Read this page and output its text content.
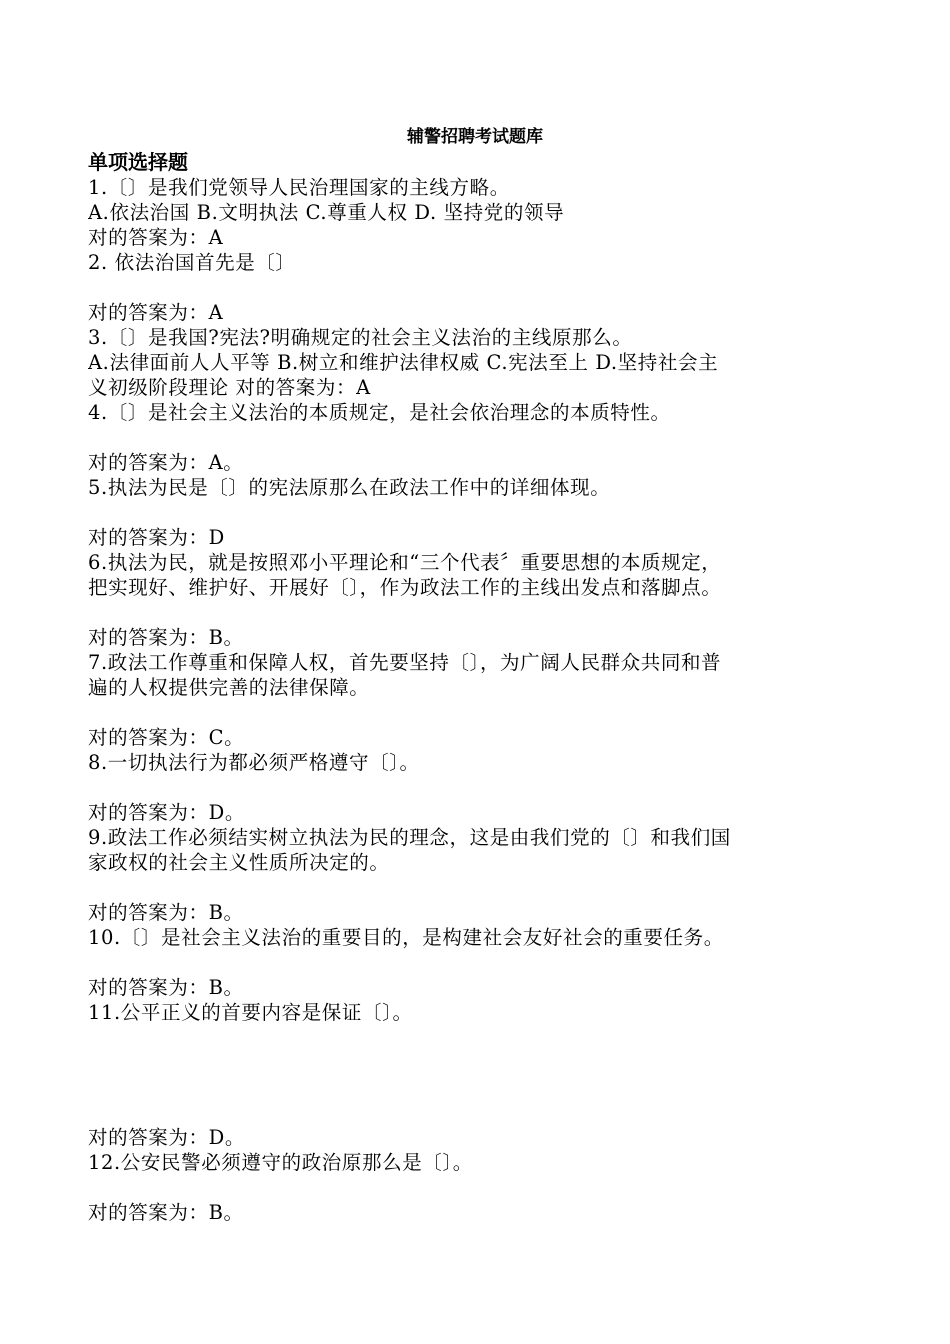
辅警招聘考试题库
单项选择题
1.〔〕是我们党领导人民治理国家的主线方略。
A.依法治国 B.文明执法 C.尊重人权 D. 坚持党的领导
对的答案为：A
2. 依法治国首先是〔〕
对的答案为：A
3.〔〕是我国?宪法?明确规定的社会主义法治的主线原那么。
A.法律面前人人平等 B.树立和维护法律权威 C.宪法至上 D.坚持社会主
义初级阶段理论 对的答案为：A
4.〔〕是社会主义法治的本质规定，是社会依治理念的本质特性。
对的答案为：A。
5.执法为民是〔〕的宪法原那么在政法工作中的详细体现。
对的答案为：D
6.执法为民，就是按照邓小平理论和“三个代表〞重要思想的本质规定，
把实现好、维护好、开展好〔〕，作为政法工作的主线出发点和落脚点。
对的答案为：B。
7.政法工作尊重和保障人权，首先要坚持〔〕，为广阔人民群众共同和普
遍的人权提供完善的法律保障。
对的答案为：C。
8.一切执法行为都必须严格遵守〔〕。
对的答案为：D。
9.政法工作必须结实树立执法为民的理念，这是由我们党的〔〕和我们国
家政权的社会主义性质所决定的。
对的答案为：B。
10.〔〕是社会主义法治的重要目的，是构建社会友好社会的重要任务。
对的答案为：B。
11.公平正义的首要内容是保证〔〕。
对的答案为：D。
12.公安民警必须遵守的政治原那么是〔〕。
对的答案为：B。
